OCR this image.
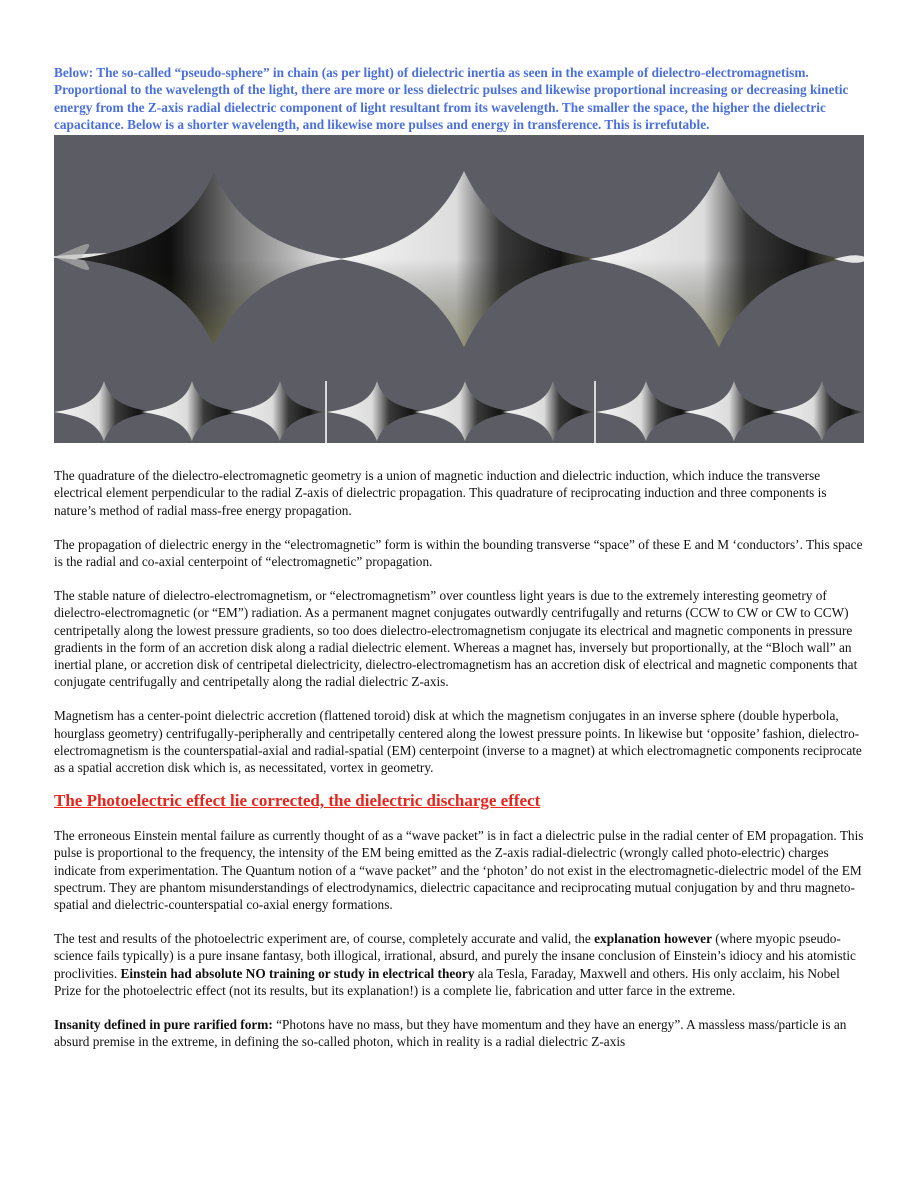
Below: The so-called “pseudo-sphere” in chain (as per light) of dielectric inertia as seen in the example of dielectro-electromagnetism. Proportional to the wavelength of the light, there are more or less dielectric pulses and likewise proportional increasing or decreasing kinetic energy from the Z-axis radial dielectric component of light resultant from its wavelength. The smaller the space, the higher the dielectric capacitance. Below is a shorter wavelength, and likewise more pulses and energy in transference. This is irrefutable.

The quadrature of the dielectro-electromagnetic geometry is a union of magnetic induction and dielectric induction, which induce the transverse electrical element perpendicular to the radial Z-axis of dielectric propagation. This quadrature of reciprocating induction and three components is nature’s method of radial mass-free energy propagation.

The propagation of dielectric energy in the “electromagnetic” form is within the bounding transverse “space” of these E and M ‘conductors’. This space is the radial and co-axial centerpoint of “electromagnetic” propagation.

The stable nature of dielectro-electromagnetism, or “electromagnetism” over countless light years is due to the extremely interesting geometry of dielectro-electromagnetic (or “EM”) radiation. As a permanent magnet conjugates outwardly centrifugally and returns (CCW to CW or CW to CCW) centripetally along the lowest pressure gradients, so too does dielectro-electromagnetism conjugate its electrical and magnetic components in pressure gradients in the form of an accretion disk along a radial dielectric element. Whereas a magnet has, inversely but proportionally, at the “Bloch wall” an inertial plane, or accretion disk of centripetal dielectricity, dielectro-electromagnetism has an accretion disk of electrical and magnetic components that conjugate centrifugally and centripetally along the radial dielectric Z-axis.

Magnetism has a center-point dielectric accretion (flattened toroid) disk at which the magnetism conjugates in an inverse sphere (double hyperbola, hourglass geometry) centrifugally-peripherally and centripetally centered along the lowest pressure points. In likewise but ‘opposite’ fashion, dielectro-electromagnetism is the counterspatial-axial and radial-spatial (EM) centerpoint (inverse to a magnet) at which electromagnetic components reciprocate as a spatial accretion disk which is, as necessitated, vortex in geometry.

The Photoelectric effect lie corrected, the dielectric discharge effect

The erroneous Einstein mental failure as currently thought of as a “wave packet” is in fact a dielectric pulse in the radial center of EM propagation. This pulse is proportional to the frequency, the intensity of the EM being emitted as the Z-axis radial-dielectric (wrongly called photo-electric) charges indicate from experimentation. The Quantum notion of a “wave packet” and the ‘photon’ do not exist in the electromagnetic-dielectric model of the EM spectrum. They are phantom misunderstandings of electrodynamics, dielectric capacitance and reciprocating mutual conjugation by and thru magneto-spatial and dielectric-counterspatial co-axial energy formations.

The test and results of the photoelectric experiment are, of course, completely accurate and valid, the explanation however (where myopic pseudo-science fails typically) is a pure insane fantasy, both illogical, irrational, absurd, and purely the insane conclusion of Einstein’s idiocy and his atomistic proclivities. Einstein had absolute NO training or study in electrical theory ala Tesla, Faraday, Maxwell and others. His only acclaim, his Nobel Prize for the photoelectric effect (not its results, but its explanation!) is a complete lie, fabrication and utter farce in the extreme.

Insanity defined in pure rarified form: “Photons have no mass, but they have momentum and they have an energy”. A massless mass/particle is an absurd premise in the extreme, in defining the so-called photon, which in reality is a radial dielectric Z-axis
